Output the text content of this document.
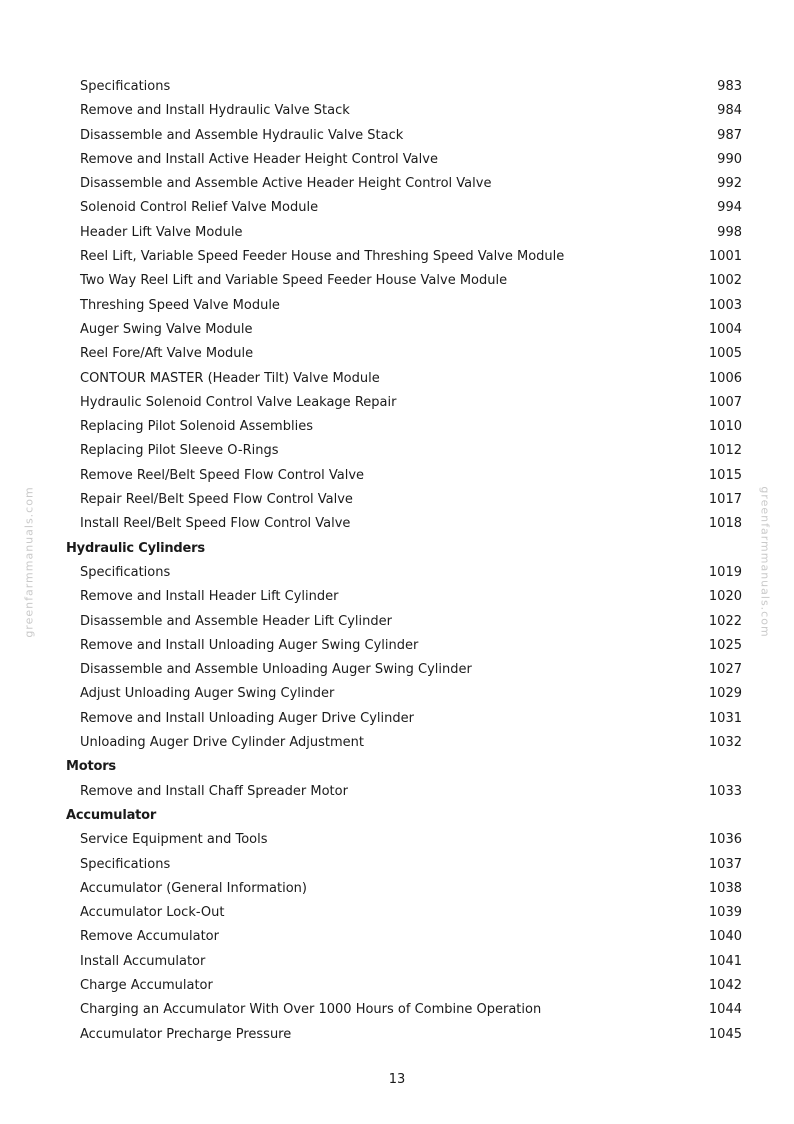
Specifications	983
Remove and Install Hydraulic Valve Stack	984
Disassemble and Assemble Hydraulic Valve Stack	987
Remove and Install Active Header Height Control Valve	990
Disassemble and Assemble Active Header Height Control Valve	992
Solenoid Control Relief Valve Module	994
Header Lift Valve Module	998
Reel Lift, Variable Speed Feeder House and Threshing Speed Valve Module	1001
Two Way Reel Lift and Variable Speed Feeder House Valve Module	1002
Threshing Speed Valve Module	1003
Auger Swing Valve Module	1004
Reel Fore/Aft Valve Module	1005
CONTOUR MASTER (Header Tilt) Valve Module	1006
Hydraulic Solenoid Control Valve Leakage Repair	1007
Replacing Pilot Solenoid Assemblies	1010
Replacing Pilot Sleeve O-Rings	1012
Remove Reel/Belt Speed Flow Control Valve	1015
Repair Reel/Belt Speed Flow Control Valve	1017
Install Reel/Belt Speed Flow Control Valve	1018
Hydraulic Cylinders
Specifications	1019
Remove and Install Header Lift Cylinder	1020
Disassemble and Assemble Header Lift Cylinder	1022
Remove and Install Unloading Auger Swing Cylinder	1025
Disassemble and Assemble Unloading Auger Swing Cylinder	1027
Adjust Unloading Auger Swing Cylinder	1029
Remove and Install Unloading Auger Drive Cylinder	1031
Unloading Auger Drive Cylinder Adjustment	1032
Motors
Remove and Install Chaff Spreader Motor	1033
Accumulator
Service Equipment and Tools	1036
Specifications	1037
Accumulator (General Information)	1038
Accumulator Lock-Out	1039
Remove Accumulator	1040
Install Accumulator	1041
Charge Accumulator	1042
Charging an Accumulator With Over 1000 Hours of Combine Operation	1044
Accumulator Precharge Pressure	1045
13
greenfarmmanuals.com	greenfarmmanuals.com
